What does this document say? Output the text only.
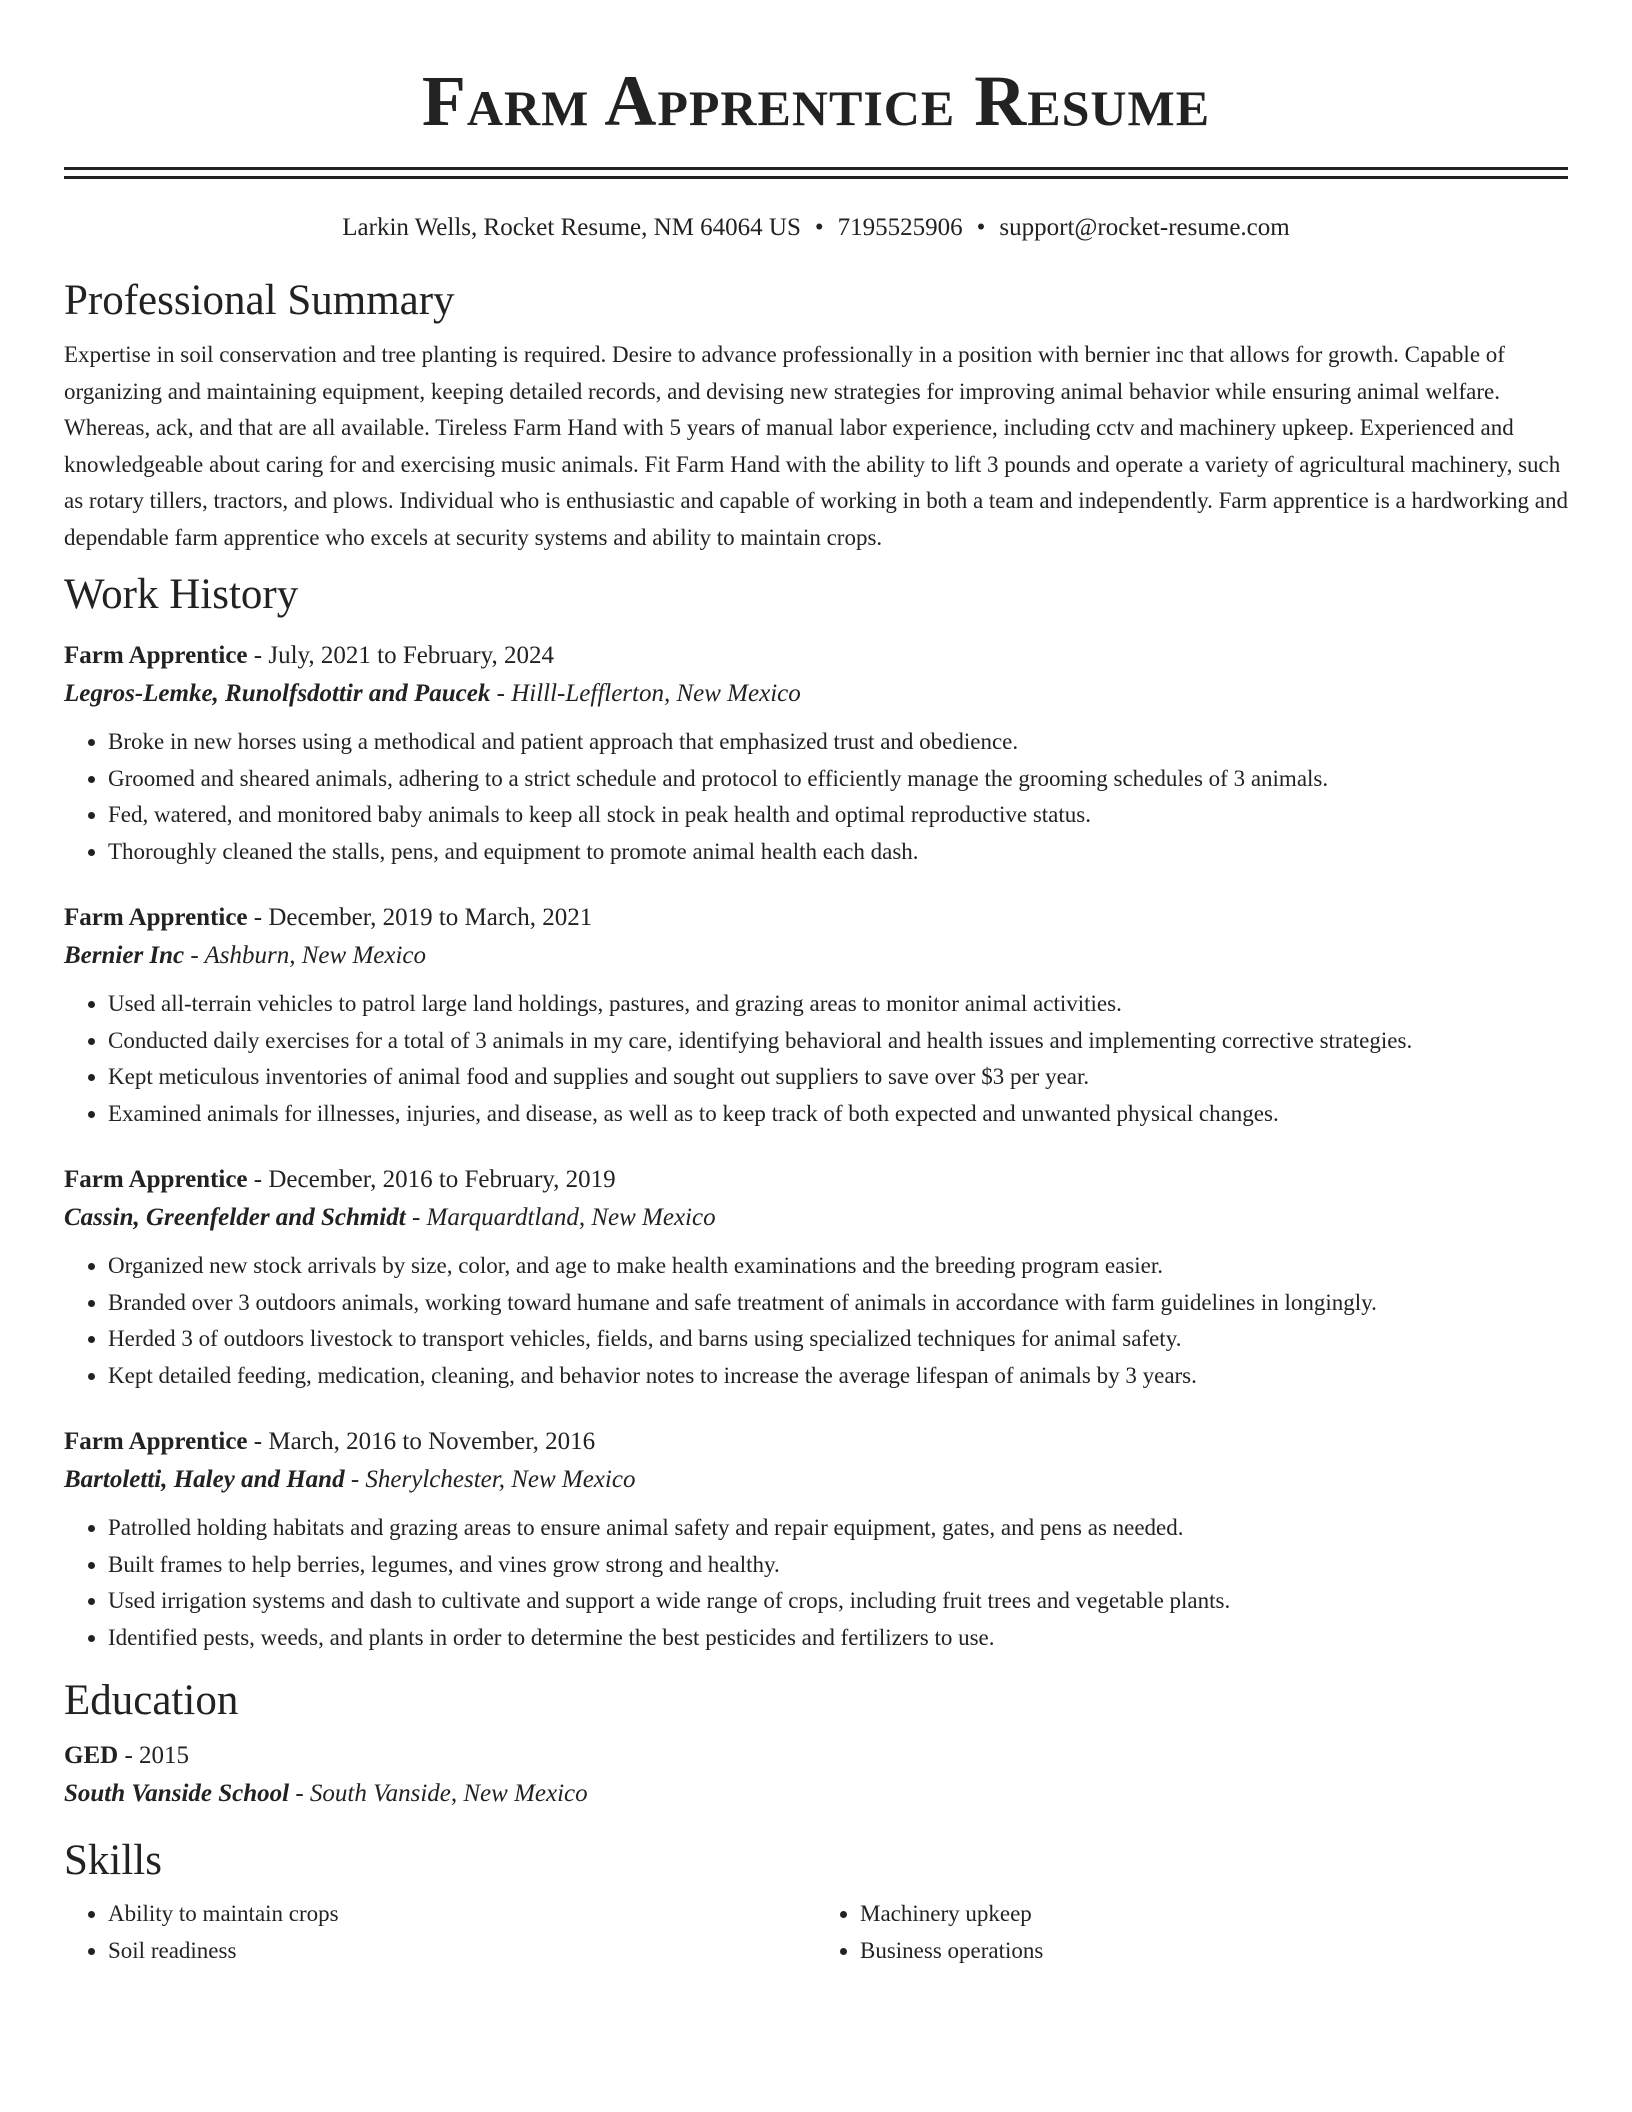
Farm Apprentice Resume
Larkin Wells, Rocket Resume, NM 64064 US • 7195525906 • support@rocket-resume.com
Professional Summary

Expertise in soil conservation and tree planting is required. Desire to advance professionally in a position with bernier inc that allows for growth. Capable of organizing and maintaining equipment, keeping detailed records, and devising new strategies for improving animal behavior while ensuring animal welfare. Whereas, ack, and that are all available. Tireless Farm Hand with 5 years of manual labor experience, including cctv and machinery upkeep. Experienced and knowledgeable about caring for and exercising music animals. Fit Farm Hand with the ability to lift 3 pounds and operate a variety of agricultural machinery, such as rotary tillers, tractors, and plows. Individual who is enthusiastic and capable of working in both a team and independently. Farm apprentice is a hardworking and dependable farm apprentice who excels at security systems and ability to maintain crops.

Work History
Farm Apprentice - July, 2021 to February, 2024
Legros-Lemke, Runolfsdottir and Paucek - Hilll-Lefflerton, New Mexico
• Broke in new horses using a methodical and patient approach that emphasized trust and obedience.
• Groomed and sheared animals, adhering to a strict schedule and protocol to efficiently manage the grooming schedules of 3 animals.
• Fed, watered, and monitored baby animals to keep all stock in peak health and optimal reproductive status.
• Thoroughly cleaned the stalls, pens, and equipment to promote animal health each dash.
Farm Apprentice - December, 2019 to March, 2021
Bernier Inc - Ashburn, New Mexico
• Used all-terrain vehicles to patrol large land holdings, pastures, and grazing areas to monitor animal activities.
• Conducted daily exercises for a total of 3 animals in my care, identifying behavioral and health issues and implementing corrective strategies.
• Kept meticulous inventories of animal food and supplies and sought out suppliers to save over $3 per year.
• Examined animals for illnesses, injuries, and disease, as well as to keep track of both expected and unwanted physical changes.
Farm Apprentice - December, 2016 to February, 2019
Cassin, Greenfelder and Schmidt - Marquardtland, New Mexico
• Organized new stock arrivals by size, color, and age to make health examinations and the breeding program easier.
• Branded over 3 outdoors animals, working toward humane and safe treatment of animals in accordance with farm guidelines in longingly.
• Herded 3 of outdoors livestock to transport vehicles, fields, and barns using specialized techniques for animal safety.
• Kept detailed feeding, medication, cleaning, and behavior notes to increase the average lifespan of animals by 3 years.
Farm Apprentice - March, 2016 to November, 2016
Bartoletti, Haley and Hand - Sherylchester, New Mexico
• Patrolled holding habitats and grazing areas to ensure animal safety and repair equipment, gates, and pens as needed.
• Built frames to help berries, legumes, and vines grow strong and healthy.
• Used irrigation systems and dash to cultivate and support a wide range of crops, including fruit trees and vegetable plants.
• Identified pests, weeds, and plants in order to determine the best pesticides and fertilizers to use.
Education
GED - 2015
South Vanside School - South Vanside, New Mexico
Skills
• Ability to maintain crops
• Soil readiness
• Machinery upkeep
• Business operations
